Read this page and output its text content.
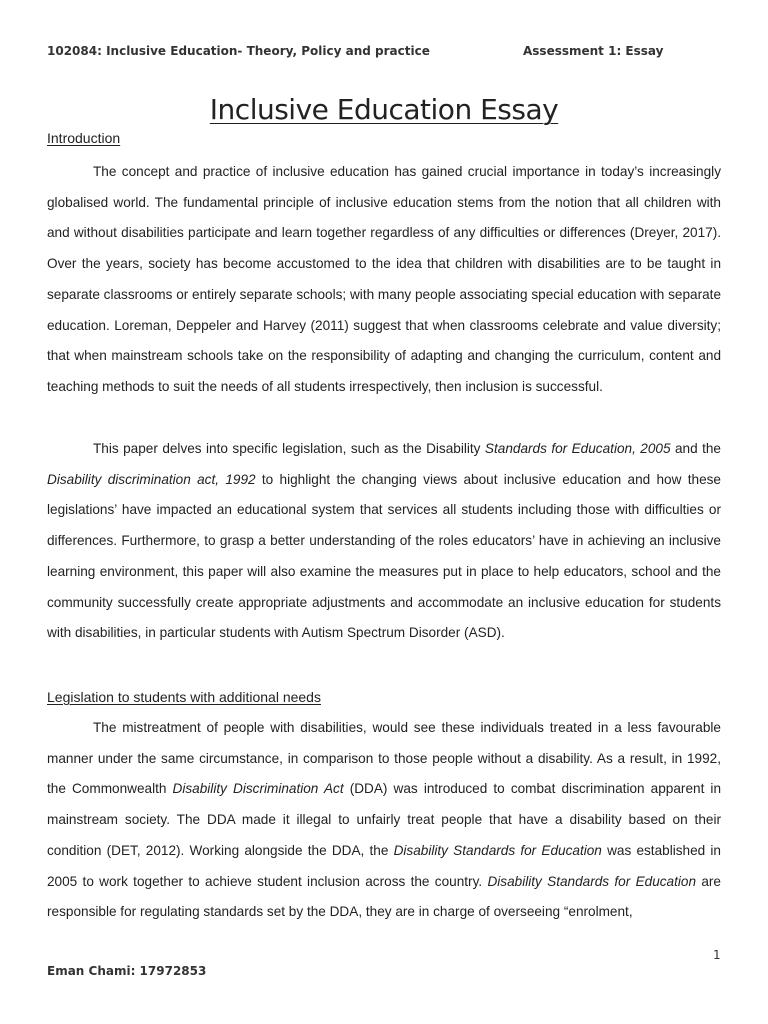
102084: Inclusive Education- Theory, Policy and practice	Assessment 1: Essay
Inclusive Education Essay
Introduction
The concept and practice of inclusive education has gained crucial importance in today’s increasingly globalised world. The fundamental principle of inclusive education stems from the notion that all children with and without disabilities participate and learn together regardless of any difficulties or differences (Dreyer, 2017). Over the years, society has become accustomed to the idea that children with disabilities are to be taught in separate classrooms or entirely separate schools; with many people associating special education with separate education. Loreman, Deppeler and Harvey (2011) suggest that when classrooms celebrate and value diversity; that when mainstream schools take on the responsibility of adapting and changing the curriculum, content and teaching methods to suit the needs of all students irrespectively, then inclusion is successful.
This paper delves into specific legislation, such as the Disability Standards for Education, 2005 and the Disability discrimination act, 1992 to highlight the changing views about inclusive education and how these legislations’ have impacted an educational system that services all students including those with difficulties or differences. Furthermore, to grasp a better understanding of the roles educators’ have in achieving an inclusive learning environment, this paper will also examine the measures put in place to help educators, school and the community successfully create appropriate adjustments and accommodate an inclusive education for students with disabilities, in particular students with Autism Spectrum Disorder (ASD).
Legislation to students with additional needs
The mistreatment of people with disabilities, would see these individuals treated in a less favourable manner under the same circumstance, in comparison to those people without a disability. As a result, in 1992, the Commonwealth Disability Discrimination Act (DDA) was introduced to combat discrimination apparent in mainstream society. The DDA made it illegal to unfairly treat people that have a disability based on their condition (DET, 2012). Working alongside the DDA, the Disability Standards for Education was established in 2005 to work together to achieve student inclusion across the country. Disability Standards for Education are responsible for regulating standards set by the DDA, they are in charge of overseeing “enrolment,
1
Eman Chami: 17972853
